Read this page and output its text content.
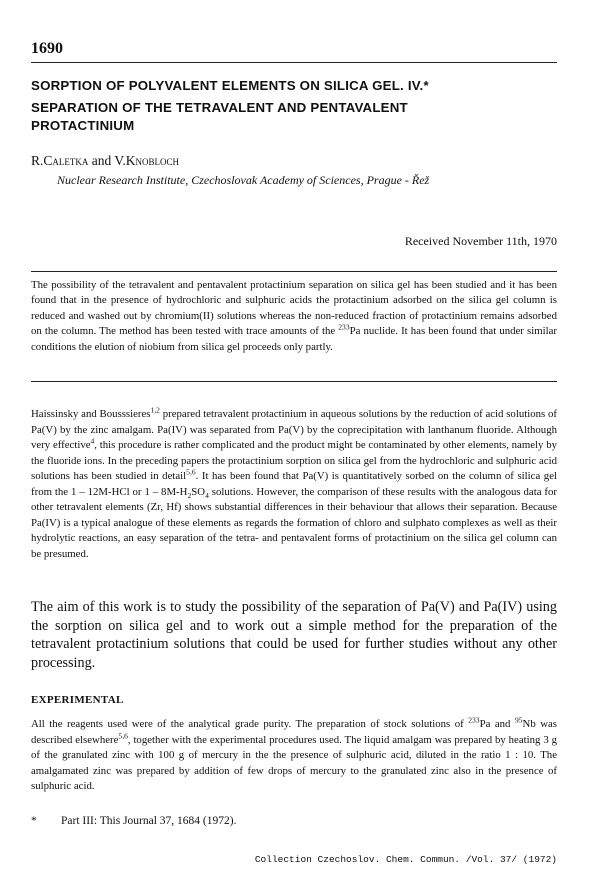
1690
SORPTION OF POLYVALENT ELEMENTS ON SILICA GEL. IV.*
SEPARATION OF THE TETRAVALENT AND PENTAVALENT
PROTACTINIUM
R.Caletka and V.Knobloch
Nuclear Research Institute, Czechoslovak Academy of Sciences, Prague - Řež
Received November 11th, 1970

The possibility of the tetravalent and pentavalent protactinium separation on silica gel has been studied and it has been found that in the presence of hydrochloric and sulphuric acids the protactinium adsorbed on the silica gel column is reduced and washed out by chromium(II) solutions whereas the non-reduced fraction of protactinium remains adsorbed on the column. The method has been tested with trace amounts of the $^{233}$Pa nuclide. It has been found that under similar conditions the elution of niobium from silica gel proceeds only partly.

Haissinsky and Bousssieres$^{1,2}$ prepared tetravalent protactinium in aqueous solutions by the reduction of acid solutions of Pa(V) by the zinc amalgam. Pa(IV) was separated from Pa(V) by the coprecipitation with lanthanum fluoride. Although very effective$^4$, this procedure is rather complicated and the product might be contaminated by other elements, namely by the fluoride ions. In the preceding papers the protactinium sorption on silica gel from the hydrochloric and sulphuric acid solutions has been studied in detail$^{5,6}$. It has been found that Pa(V) is quantitatively sorbed on the column of silica gel from the 1 – 12M-HCl or $1 - 8M-H_2SO_4$ solutions. However, the comparison of these results with the analogous data for other tetravalent elements (Zr, Hf) shows substantial differences in their behaviour that allows their separation. Because Pa(IV) is a typical analogue of these elements as regards the formation of chloro and sulphato complexes as well as their hydrolytic reactions, an easy separation of the tetra- and pentavalent forms of protactinium on the silica gel column can be presumed.

The aim of this work is to study the possibility of the separation of Pa(V) and Pa(IV) using the sorption on silica gel and to work out a simple method for the preparation of the tetravalent protactinium solutions that could be used for further studies without any other processing.

EXPERIMENTAL

All the reagents used were of the analytical grade purity. The preparation of stock solutions of $^{233}$Pa and $^{95}$Nb was described elsewhere$^{5,6}$, together with the experimental procedures used. The liquid amalgam was prepared by heating 3 g of the granulated zinc with 100 g of mercury in the the presence of sulphuric acid, diluted in the ratio 1 : 10. The amalgamated zinc was prepared by addition of few drops of mercury to the granulated zinc also in the presence of sulphuric acid.

* Part III: This Journal 37, 1684 (1972).
Collection Czechoslov. Chem. Commun. /Vol. 37/ (1972)
